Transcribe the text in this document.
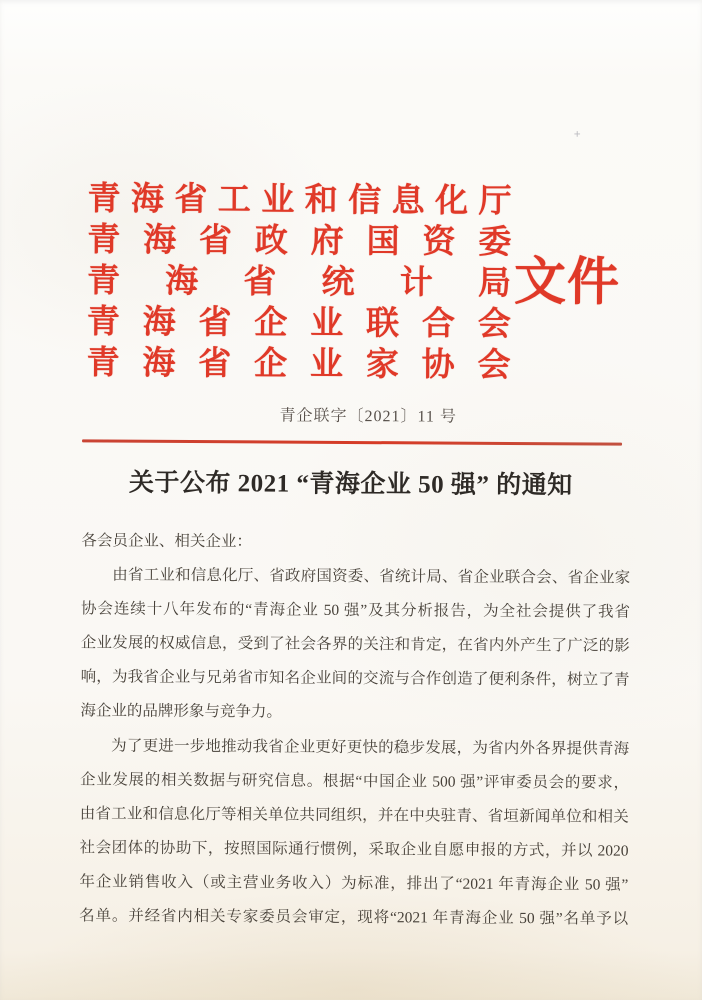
+
青海省工业和信息化厅
青海省政府国资委
青海省统计局
青海省企业联合会
青海省企业家协会
文件
青企联字〔2021〕11 号
关于公布 2021 “青海企业 50 强” 的通知
各会员企业、相关企业：
由省工业和信息化厅、省政府国资委、省统计局、省企业联合会、省企业家
协会连续十八年发布的“青海企业 50 强”及其分析报告，为全社会提供了我省
企业发展的权威信息，受到了社会各界的关注和肯定，在省内外产生了广泛的影
响，为我省企业与兄弟省市知名企业间的交流与合作创造了便利条件，树立了青
海企业的品牌形象与竞争力。
为了更进一步地推动我省企业更好更快的稳步发展，为省内外各界提供青海
企业发展的相关数据与研究信息。根据“中国企业 500 强”评审委员会的要求，
由省工业和信息化厅等相关单位共同组织，并在中央驻青、省垣新闻单位和相关
社会团体的协助下，按照国际通行惯例，采取企业自愿申报的方式，并以 2020
年企业销售收入（或主营业务收入）为标准，排出了“2021 年青海企业 50 强”
名单。并经省内相关专家委员会审定，现将“2021 年青海企业 50 强”名单予以
